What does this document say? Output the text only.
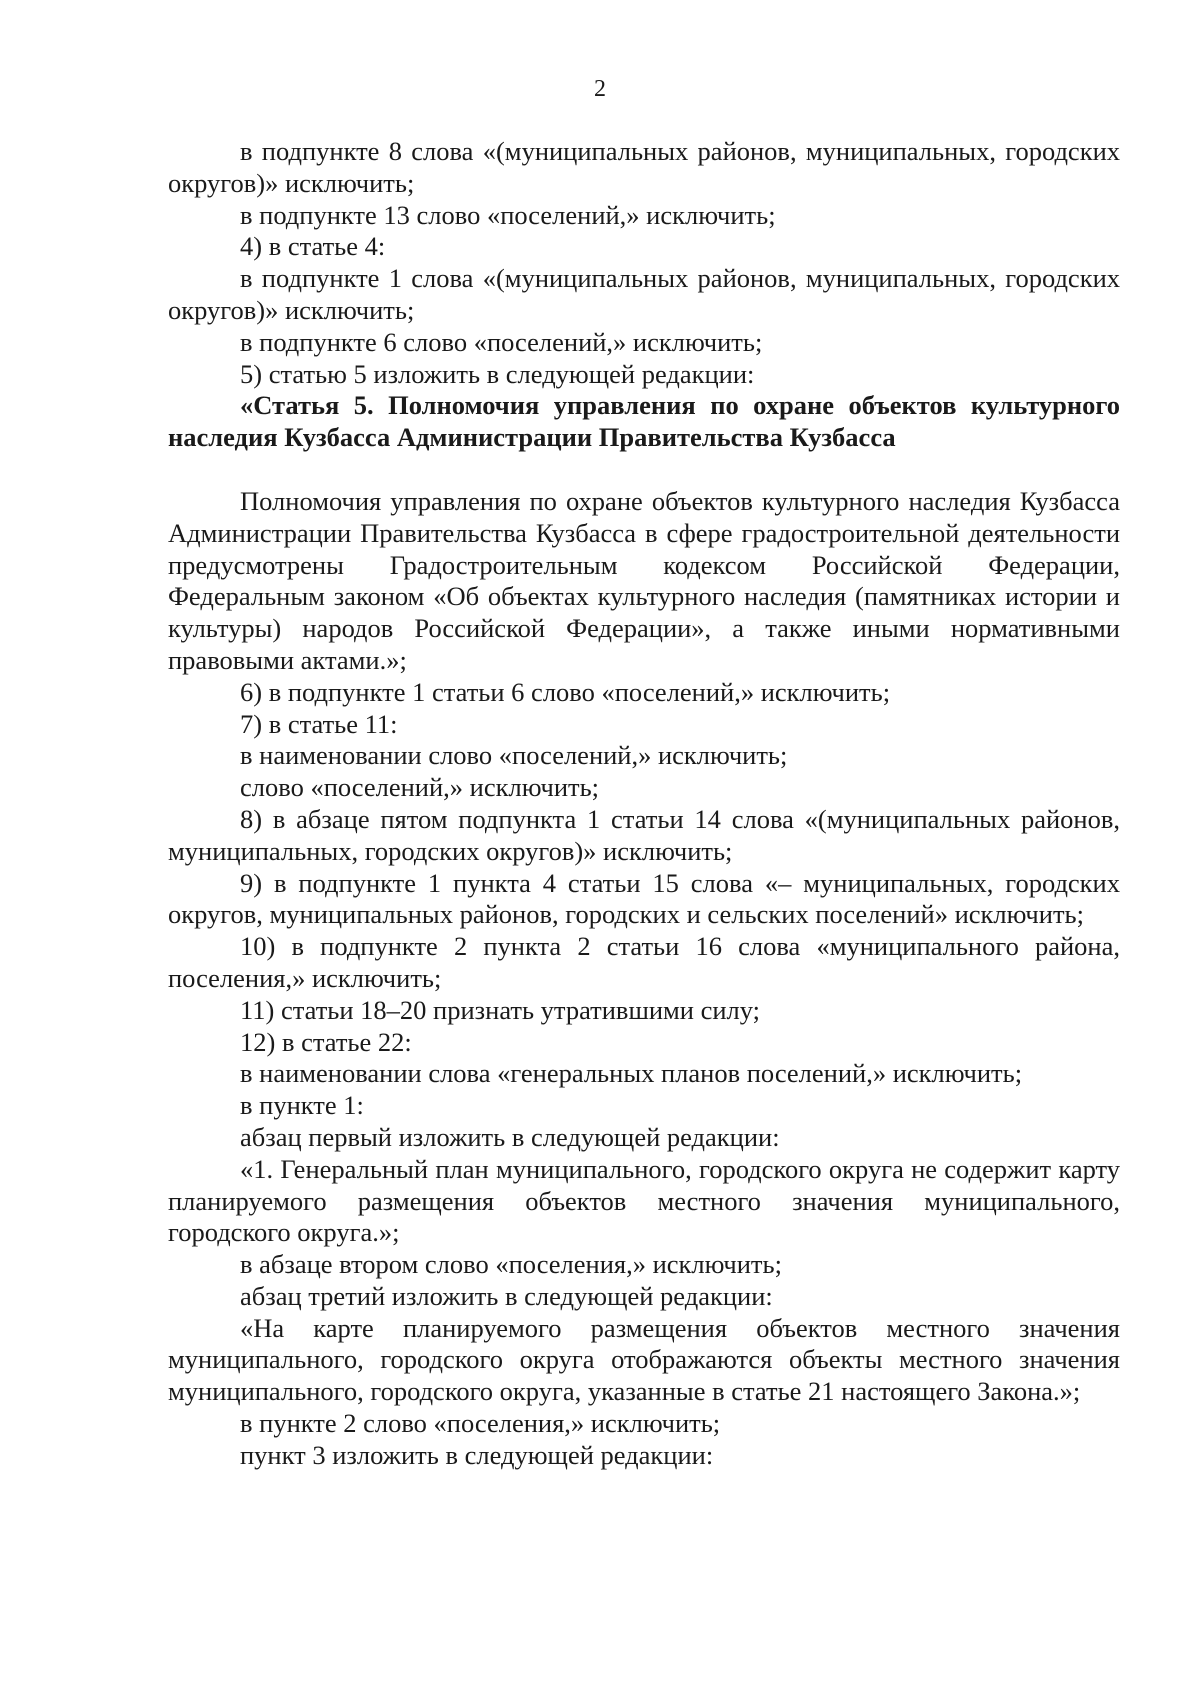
2

в подпункте 8 слова «(муниципальных районов, муниципальных, городских округов)» исключить;

в подпункте 13 слово «поселений,» исключить;

4) в статье 4:

в подпункте 1 слова «(муниципальных районов, муниципальных, городских округов)» исключить;

в подпункте 6 слово «поселений,» исключить;

5) статью 5 изложить в следующей редакции:

«Статья 5. Полномочия управления по охране объектов культурного наследия Кузбасса Администрации Правительства Кузбасса

Полномочия управления по охране объектов культурного наследия Кузбасса Администрации Правительства Кузбасса в сфере градостроительной деятельности предусмотрены Градостроительным кодексом Российской Федерации, Федеральным законом «Об объектах культурного наследия (памятниках истории и культуры) народов Российской Федерации», а также иными нормативными правовыми актами.»;

6) в подпункте 1 статьи 6 слово «поселений,» исключить;

7) в статье 11:

в наименовании слово «поселений,» исключить;

слово «поселений,» исключить;

8) в абзаце пятом подпункта 1 статьи 14 слова «(муниципальных районов, муниципальных, городских округов)» исключить;

9) в подпункте 1 пункта 4 статьи 15 слова «– муниципальных, городских округов, муниципальных районов, городских и сельских поселений» исключить;

10) в подпункте 2 пункта 2 статьи 16 слова «муниципального района, поселения,» исключить;

11) статьи 18–20 признать утратившими силу;

12) в статье 22:

в наименовании слова «генеральных планов поселений,» исключить;

в пункте 1:

абзац первый изложить в следующей редакции:

«1. Генеральный план муниципального, городского округа не содержит карту планируемого размещения объектов местного значения муниципального, городского округа.»;

в абзаце втором слово «поселения,» исключить;

абзац третий изложить в следующей редакции:

«На карте планируемого размещения объектов местного значения муниципального, городского округа отображаются объекты местного значения муниципального, городского округа, указанные в статье 21 настоящего Закона.»;

в пункте 2 слово «поселения,» исключить;

пункт 3 изложить в следующей редакции:
